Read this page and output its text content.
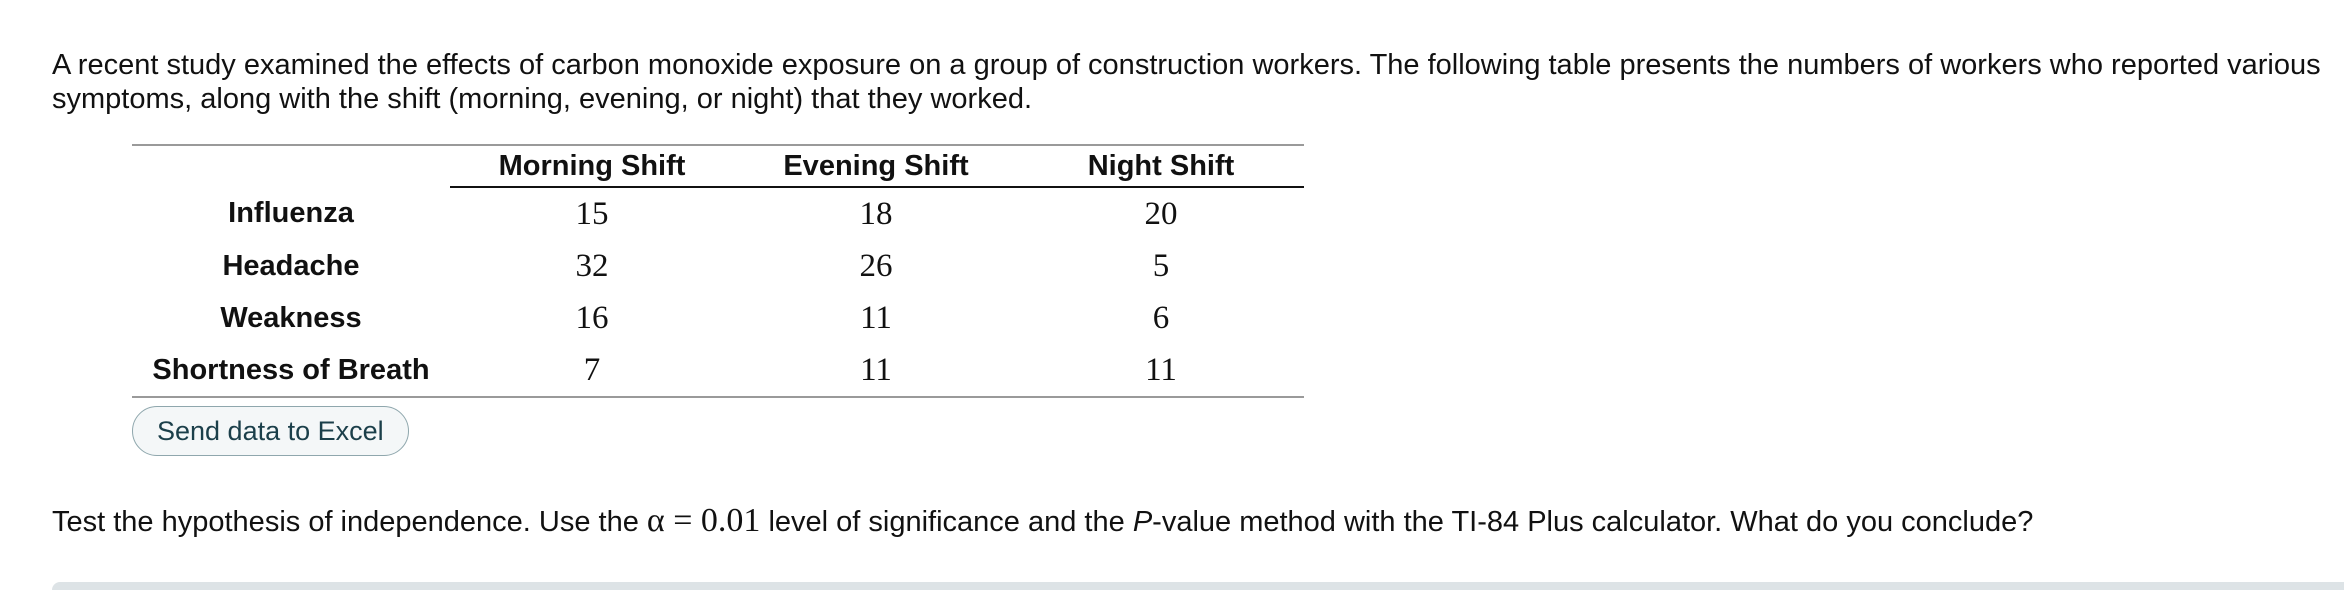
A recent study examined the effects of carbon monoxide exposure on a group of construction workers. The following table presents the numbers of workers who reported various symptoms, along with the shift (morning, evening, or night) that they worked.

	Morning Shift	Evening Shift	Night Shift
Influenza	15	18	20
Headache	32	26	5
Weakness	16	11	6
Shortness of Breath	7	11	11
Send data to Excel

Test the hypothesis of independence. Use the α = 0.01 level of significance and the P-value method with the TI-84 Plus calculator. What do you conclude?
